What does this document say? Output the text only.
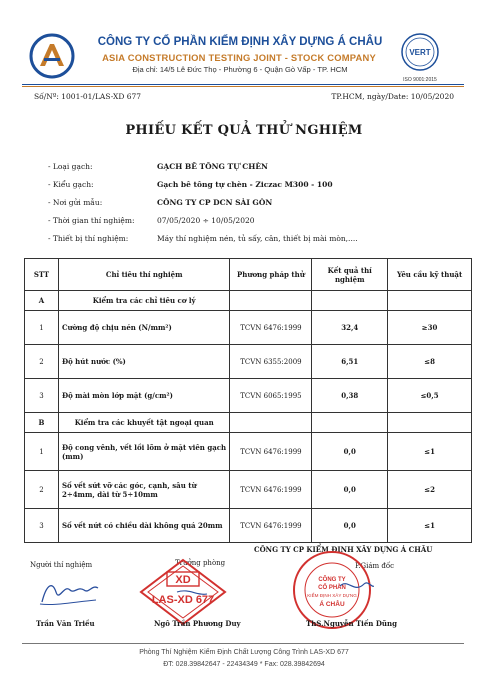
CÔNG TY CỔ PHẦN KIỂM ĐỊNH XÂY DỰNG Á CHÂU
ASIA CONSTRUCTION TESTING JOINT - STOCK COMPANY
Địa chỉ: 14/5 Lê Đức Thọ - Phường 6 - Quận Gò Vấp - TP. HCM
VERT
ISO 9001:2015
Số/Nº: 1001-01/LAS-XD 677	TP.HCM, ngày/Date: 10/05/2020
PHIẾU KẾT QUẢ THỬ NGHIỆM
- Loại gạch:	GẠCH BÊ TÔNG TỰ CHÈN
- Kiểu gạch:	Gạch bê tông tự chèn - Ziczac M300 - 100
- Nơi gửi mẫu:	CÔNG TY CP DCN SÀI GÒN
- Thời gian thí nghiệm:	07/05/2020 ÷ 10/05/2020
- Thiết bị thí nghiệm:	Máy thí nghiệm nén, tủ sấy, cân, thiết bị mài mòn,....
STT	Chỉ tiêu thí nghiệm	Phương pháp thử	Kết quả thí nghiệm	Yêu cầu kỹ thuật
A	Kiểm tra các chỉ tiêu cơ lý			
1	Cường độ chịu nén (N/mm²)	TCVN 6476:1999	32,4	≥30
2	Độ hút nước (%)	TCVN 6355:2009	6,51	≤8
3	Độ mài mòn lớp mặt (g/cm²)	TCVN 6065:1995	0,38	≤0,5
B	Kiểm tra các khuyết tật ngoại quan			
1	Độ cong vênh, vết lồi lõm ở mặt viên gạch (mm)	TCVN 6476:1999	0,0	≤1
2	Số vết sứt vỡ các góc, cạnh, sâu từ 2÷4mm, dài từ 5÷10mm	TCVN 6476:1999	0,0	≤2
3	Số vết nứt có chiều dài không quá 20mm	TCVN 6476:1999	0,0	≤1
CÔNG TY CP KIỂM ĐỊNH XÂY DỰNG Á CHÂU
Người thí nghiệm	Trưởng phòng	P.Giám đốc
XD
LAS-XD 677
CÔNG TY
CỔ PHẦN
KIỂM ĐỊNH XÂY DỰNG
Á CHÂU
Trần Văn Triều	Ngô Trần Phương Duy	ThS.Nguyễn Tiến Dũng
Phòng Thí Nghiệm Kiểm Định Chất Lượng Công Trình LAS-XD 677
ĐT: 028.39842647 - 22434349 * Fax: 028.39842694
